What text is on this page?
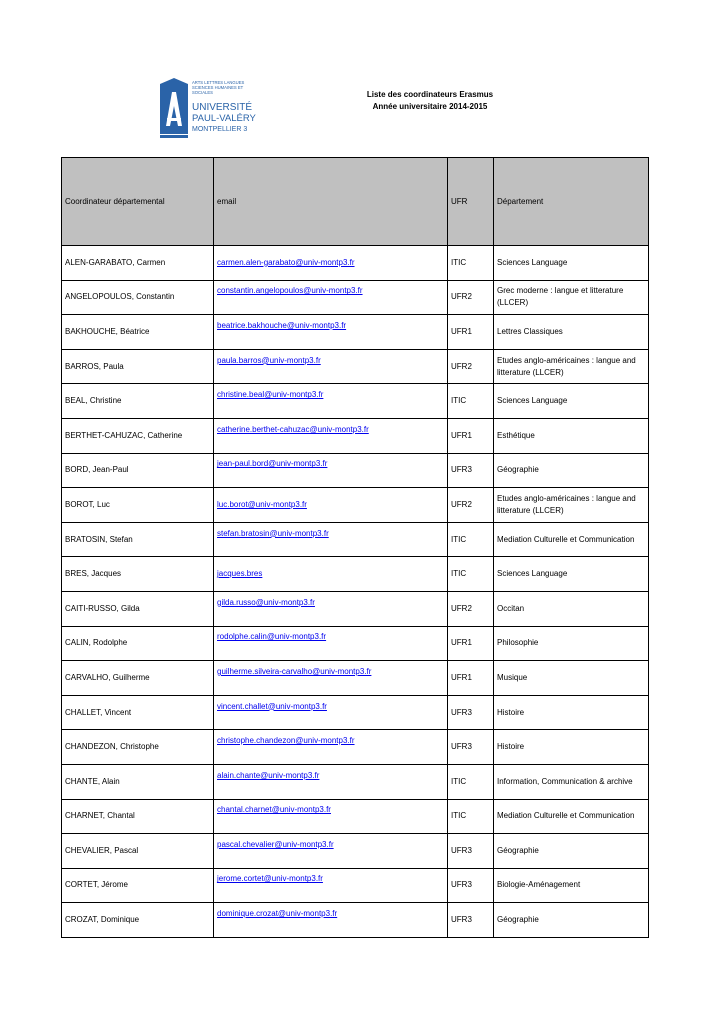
ARTS LETTRES LANGUES
SCIENCES HUMAINES ET
SOCIALES
UNIVERSITÉ
PAUL-VALÉRY
MONTPELLIER 3
Liste des coordinateurs Erasmus
Année universitaire 2014-2015
Coordinateur départemental	email	UFR	Département
ALEN-GARABATO, Carmen	carmen.alen-garabato@univ-montp3.fr	ITIC	Sciences Language
ANGELOPOULOS, Constantin	constantin.angelopoulos@univ-montp3.fr	UFR2	Grec moderne : langue et litterature (LLCER)
BAKHOUCHE, Béatrice	beatrice.bakhouche@univ-montp3.fr	UFR1	Lettres Classiques
BARROS, Paula	paula.barros@univ-montp3.fr	UFR2	Etudes anglo-américaines : langue and litterature (LLCER)
BEAL, Christine	christine.beal@univ-montp3.fr	ITIC	Sciences Language
BERTHET-CAHUZAC, Catherine	catherine.berthet-cahuzac@univ-montp3.fr	UFR1	Esthétique
BORD, Jean-Paul	jean-paul.bord@univ-montp3.fr	UFR3	Géographie
BOROT, Luc	luc.borot@univ-montp3.fr	UFR2	Etudes anglo-américaines : langue and litterature (LLCER)
BRATOSIN, Stefan	stefan.bratosin@univ-montp3.fr	ITIC	Mediation Culturelle et Communication
BRES, Jacques	jacques.bres	ITIC	Sciences Language
CAITI-RUSSO, Gilda	gilda.russo@univ-montp3.fr	UFR2	Occitan
CALIN, Rodolphe	rodolphe.calin@univ-montp3.fr	UFR1	Philosophie
CARVALHO, Guilherme	guilherme.silveira-carvalho@univ-montp3.fr	UFR1	Musique
CHALLET, Vincent	vincent.challet@univ-montp3.fr	UFR3	Histoire
CHANDEZON, Christophe	christophe.chandezon@univ-montp3.fr	UFR3	Histoire
CHANTE, Alain	alain.chante@univ-montp3.fr	ITIC	Information, Communication & archive
CHARNET, Chantal	chantal.charnet@univ-montp3.fr	ITIC	Mediation Culturelle et Communication
CHEVALIER, Pascal	pascal.chevalier@univ-montp3.fr	UFR3	Géographie
CORTET, Jérome	jerome.cortet@univ-montp3.fr	UFR3	Biologie-Aménagement
CROZAT, Dominique	dominique.crozat@univ-montp3.fr	UFR3	Géographie
